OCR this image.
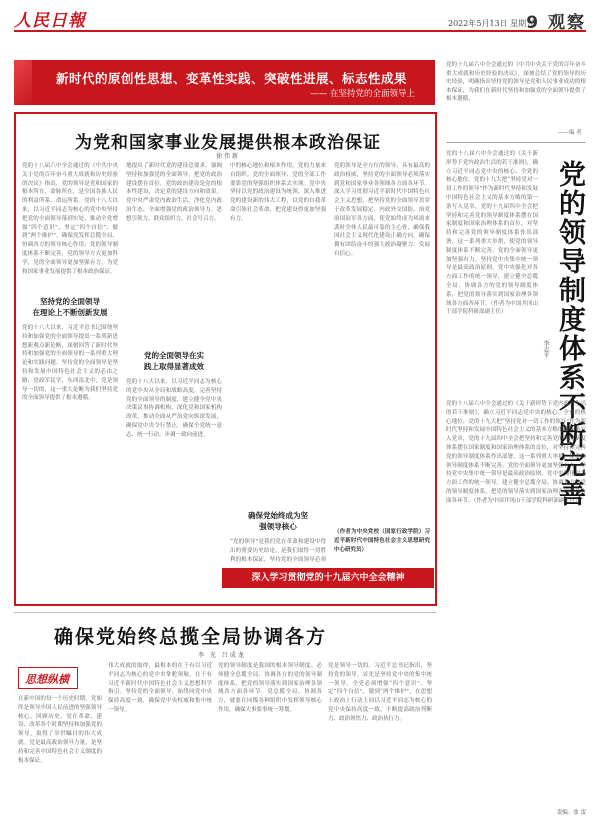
人民日報	2022年5月13日 星期五
9 观察
新时代的原创性思想、变革性实践、突破性进展、标志性成果
—— 在坚持党的全面领导上
为党和国家事业发展提供根本政治保证
徐伟新
党的十八届六中全会通过的《中共中央关于党的百年奋斗重大成就和历史经验的决议》指出，党的领导是党和国家的根本所在、命脉所在，是全国各族人民的利益所系、命运所系。党的十八大以来，以习近平同志为核心的党中央坚持把党的全面领导落到实处，推动全党增强“四个意识”、坚定“四个自信”、做到“两个维护”，确保党发挥总揽全局、协调各方的领导核心作用，党的领导制度体系不断完善，党的领导方式更加科学，党的全面领导更加坚强有力，为党和国家事业发展提供了根本政治保证。
坚持党的全面领导
在理论上不断创新发展
党的十八大以来，习近平总书记围绕坚持和加强党的全面领导提出一系列新思想新观点新论断，深刻回答了新时代坚持和加强党的全面领导的一系列重大理论和实践问题。坚持党的全面领导是坚持和发展中国特色社会主义的必由之路，党政军民学，东西南北中，党是领导一切的，这一重大论断为我们坚持党的全面领导提供了根本遵循。
地提出了新时代党的建设总要求，强调坚持和加强党的全面领导，把党的政治建设摆在首位。党的政治建设是党的根本性建设，决定党的建设方向和效果。党中央严肃党内政治生活，净化党内政治生态，全面增强党的政治领导力、思想引领力、群众组织力、社会号召力。
党的全面领导在实
践上取得显著成效
党的十八大以来，以习近平同志为核心的党中央从全局和战略高度，完善坚持党的全面领导的制度，建立健全党中央决策议事协调机构，深化党和国家机构改革，推动全面从严治党向纵深发展，确保党中央令行禁止，确保全党统一意志、统一行动、步调一致向前进。
中的核心地位和根本作用。党的力量来自组织。党的全面领导、党的全部工作要靠党的坚强组织体系去实现。党中央坚持以党的政治建设为统领，深入推进党的建设新的伟大工程，以党的自我革命引领社会革命，把党建设得更加坚强有力。
确保党始终成为坚
强领导核心
“党的领导”是我们党在革命和建设中得出的重要历史结论，是我们取得一切胜利的根本保证，坚持党的全面领导必须
党的领导是全方位的领导，具有最高的政治权威，坚持党的全面领导必须落实到党和国家事业各领域各方面各环节。深入学习贯彻习近平新时代中国特色社会主义思想，把坚持党的全面领导贯穿于改革发展稳定、内政外交国防、治党治国治军各方面，使党始终成为风雨来袭时全体人民最可靠的主心骨，确保我国社会主义现代化建设正确方向，确保拥有团结奋斗的强大政治凝聚力、发展自信心。
（作者为中央党校（国家行政学院）习近平新时代中国特色社会主义思想研究中心研究员）
深入学习贯彻党的十九届六中全会精神
党的十九届六中全会通过的《中共中央关于党的百年奋斗重大成就和历史经验的决议》，深刻总结了党的领导的历史经验，明确指出坚持党的领导是党和人民事业成功的根本保证，为我们在新时代坚持和加强党的全面领导提供了根本遵循。
——编 者
党的领导制度体系不断完善
李志平
党的十八届六中全会通过的《关于新形势下党内政治生活的若干准则》，确立习近平同志党中央的核心、全党的核心地位。党的十九大把“坚持党对一切工作的领导”作为新时代坚持和发展中国特色社会主义的基本方略的第一条写入党章，党的十九届四中全会把坚持和完善党的领导制度体系摆在国家制度和国家治理体系的首位，对坚持和完善党的领导制度体系作出部署。这一系列重大举措，使党的领导制度体系不断完善，党的全面领导更加坚强有力。坚持党中央集中统一领导是最高政治原则，党中央强化对各方面工作的统一领导，建立健全总揽全局、协调各方的党的领导制度体系，把党的领导落实到国家治理各领域各方面各环节。（作者为中国井冈山干部学院科研部副主任）
党的十八届六中全会通过的《关于新形势下党内政治生活的若干准则》，确立习近平同志党中央的核心、全党的核心地位。党的十九大把“坚持党对一切工作的领导”作为新时代坚持和发展中国特色社会主义的基本方略的第一条写入党章，党的十九届四中全会把坚持和完善党的领导制度体系摆在国家制度和国家治理体系的首位，对坚持和完善党的领导制度体系作出部署。这一系列重大举措，使党的领导制度体系不断完善，党的全面领导更加坚强有力。坚持党中央集中统一领导是最高政治原则，党中央强化对各方面工作的统一领导，建立健全总揽全局、协调各方的党的领导制度体系，把党的领导落实到国家治理各领域各方面各环节。（作者为中国井冈山干部学院科研部副主任）
确保党始终总揽全局协调各方
李 光 吕成龙
思想纵横
在新中国的每一个历史时期，党始终是领导中国人民前进的坚强领导核心。回顾历史，党在革命、建设、改革各个时期坚持和加强党的领导，取得了举世瞩目的伟大成就。党是最高政治领导力量，是坚持和完善中国特色社会主义制度的根本保证。
伟大成就的取得，最根本的在于有以习近平同志为核心的党中央掌舵领航，在于有习近平新时代中国特色社会主义思想科学指引。坚持党的全面领导，始终同党中央保持高度一致，确保党中央权威和集中统一领导。
党的领导制度是我国的根本领导制度。必须健全总揽全局、协调各方的党的领导制度体系，把党的领导落实到国家治理各领域各方面各环节。党总揽全局、协调各方，就要在同级各种组织中发挥领导核心作用，确保大事要事统一筹划。
党是领导一切的。习近平总书记指出，坚持党的领导，首先是坚持党中央的集中统一领导。全党必须增强“四个意识”，坚定“四个自信”，做到“两个维护”，在思想上政治上行动上同以习近平同志为核心的党中央保持高度一致，不断提高政治判断力、政治领悟力、政治执行力。
责编：张 雷
